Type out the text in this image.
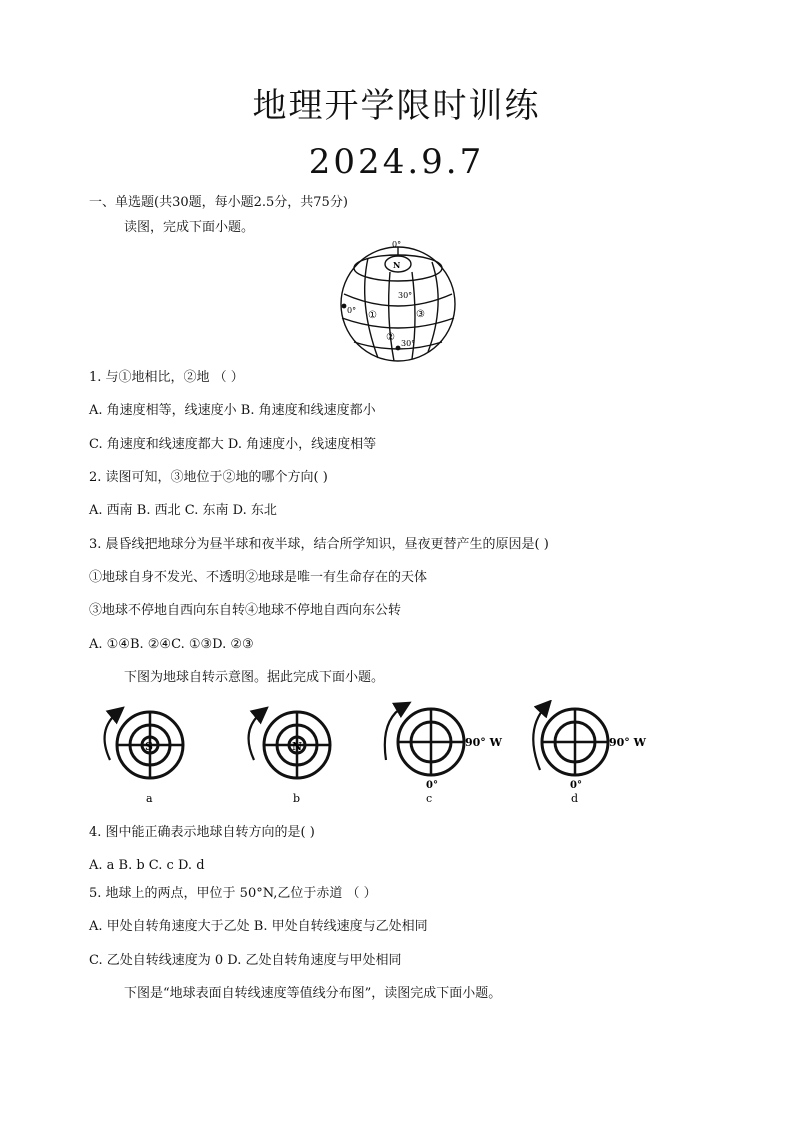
地理开学限时训练
2024.9.7
一、单选题(共30题，每小题2.5分，共75分)
读图，完成下面小题。
0°
N
30°
0° ①	③
②
30°
1. 与①地相比，②地 （ ）
A. 角速度相等，线速度小 B. 角速度和线速度都小
C. 角速度和线速度都大 D. 角速度小，线速度相等
2. 读图可知，③地位于②地的哪个方向( )
A. 西南 B. 西北 C. 东南 D. 东北
3. 晨昏线把地球分为昼半球和夜半球，结合所学知识，昼夜更替产生的原因是( )
①地球自身不发光、不透明②地球是唯一有生命存在的天体
③地球不停地自西向东自转④地球不停地自西向东公转
A. ①④B. ②④C. ①③D. ②③
下图为地球自转示意图。据此完成下面小题。
S
a
N
b
90° W
0°
c
90° W
0°
d
4. 图中能正确表示地球自转方向的是( )
A. a B. b C. c D. d
5. 地球上的两点，甲位于 50°N,乙位于赤道 （ ）
A. 甲处自转角速度大于乙处 B. 甲处自转线速度与乙处相同
C. 乙处自转线速度为 0 D. 乙处自转角速度与甲处相同
下图是“地球表面自转线速度等值线分布图”，读图完成下面小题。
